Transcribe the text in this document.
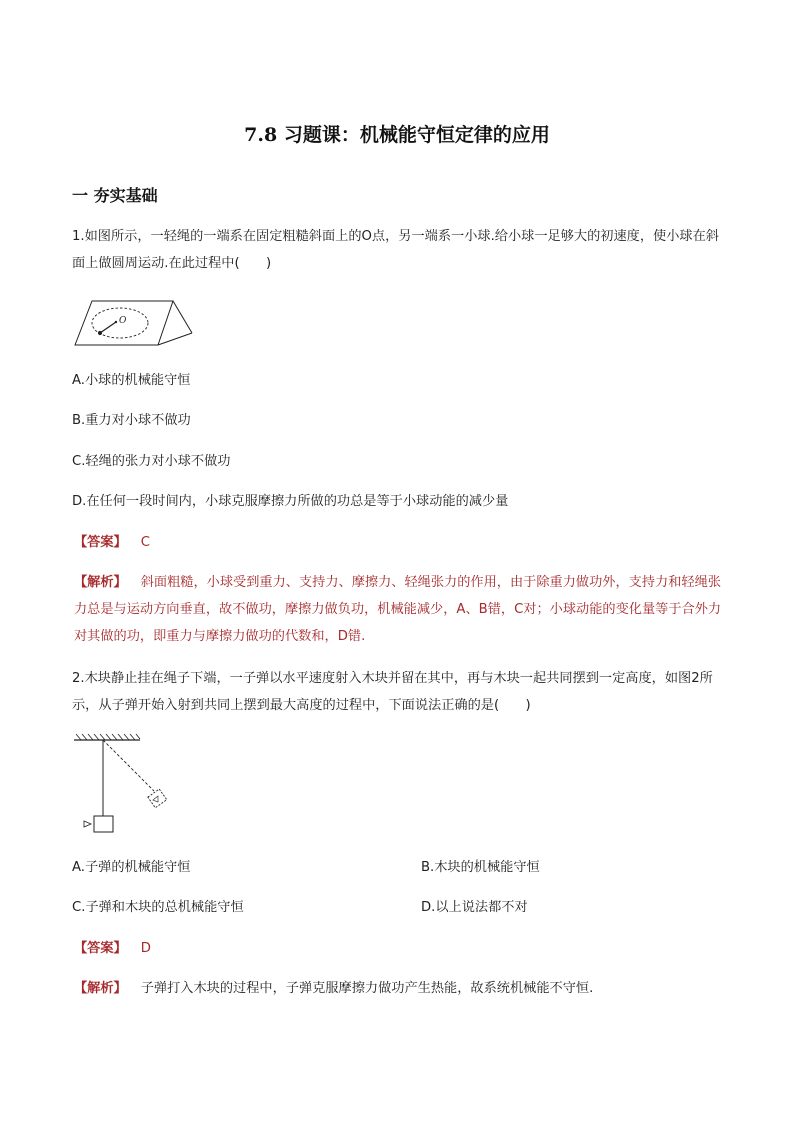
7.8 习题课：机械能守恒定律的应用
一 夯实基础
1.如图所示，一轻绳的一端系在固定粗糙斜面上的O点，另一端系一小球.给小球一足够大的初速度，使小球在斜面上做圆周运动.在此过程中(　　)
O
A.小球的机械能守恒
B.重力对小球不做功
C.轻绳的张力对小球不做功
D.在任何一段时间内，小球克服摩擦力所做的功总是等于小球动能的减少量
【答案】 C
【解析】 斜面粗糙，小球受到重力、支持力、摩擦力、轻绳张力的作用，由于除重力做功外，支持力和轻绳张力总是与运动方向垂直，故不做功，摩擦力做负功，机械能减少，A、B错，C对；小球动能的变化量等于合外力对其做的功，即重力与摩擦力做功的代数和，D错.
2.木块静止挂在绳子下端，一子弹以水平速度射入木块并留在其中，再与木块一起共同摆到一定高度，如图2所示，从子弹开始入射到共同上摆到最大高度的过程中，下面说法正确的是(　　)
A.子弹的机械能守恒	B.木块的机械能守恒
C.子弹和木块的总机械能守恒	D.以上说法都不对
【答案】 D
【解析】 子弹打入木块的过程中，子弹克服摩擦力做功产生热能，故系统机械能不守恒.
